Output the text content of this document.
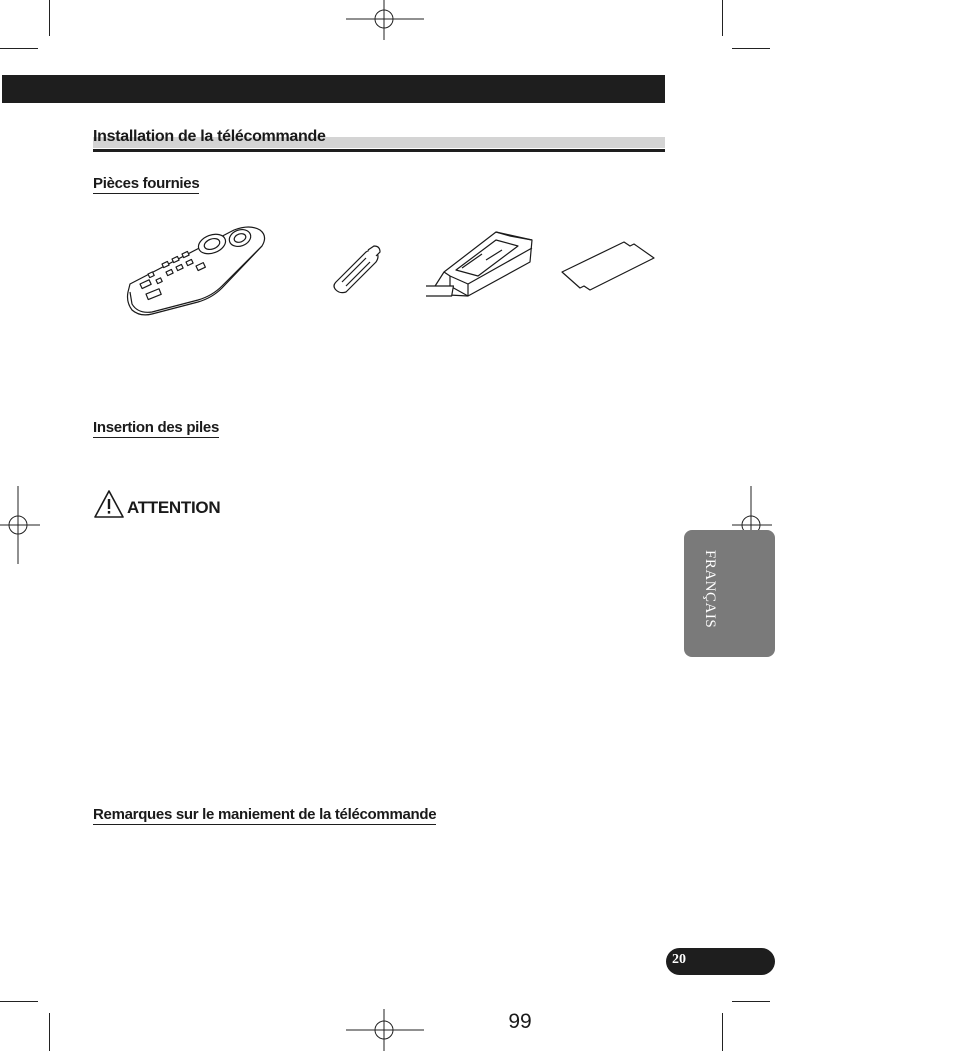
Installation de la télécommande
Pièces fournies
Insertion des piles
ATTENTION
FRANÇAIS
Remarques sur le maniement de la télécommande
20
99
